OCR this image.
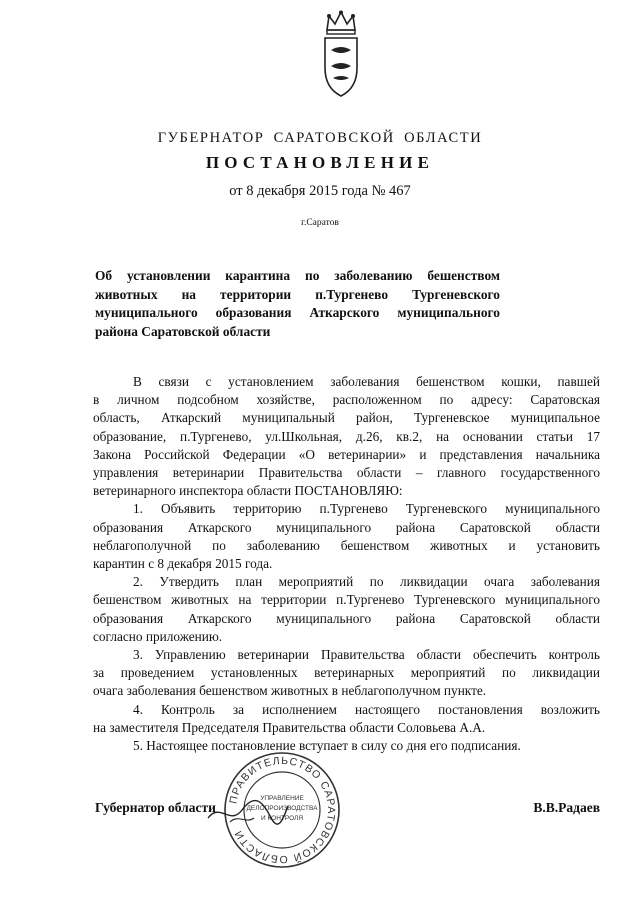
ГУБЕРНАТОР САРАТОВСКОЙ ОБЛАСТИ
ПОСТАНОВЛЕНИЕ
от 8 декабря 2015 года № 467
г.Саратов
Об установлении карантина по заболеванию бешенством
животных на территории п.Тургенево Тургеневского
муниципального образования Аткарского муниципального
района Саратовской области
В связи с установлением заболевания бешенством кошки, павшей
в личном подсобном хозяйстве, расположенном по адресу: Саратовская
область, Аткарский муниципальный район, Тургеневское муниципальное
образование, п.Тургенево, ул.Школьная, д.26, кв.2, на основании статьи 17
Закона Российской Федерации «О ветеринарии» и представления начальника
управления ветеринарии Правительства области – главного государственного
ветеринарного инспектора области ПОСТАНОВЛЯЮ:
1. Объявить территорию п.Тургенево Тургеневского муниципального
образования Аткарского муниципального района Саратовской области
неблагополучной по заболеванию бешенством животных и установить
карантин с 8 декабря 2015 года.
2. Утвердить план мероприятий по ликвидации очага заболевания
бешенством животных на территории п.Тургенево Тургеневского муниципального
образования Аткарского муниципального района Саратовской области
согласно приложению.
3. Управлению ветеринарии Правительства области обеспечить контроль
за проведением установленных ветеринарных мероприятий по ликвидации
очага заболевания бешенством животных в неблагополучном пункте.
4. Контроль за исполнением настоящего постановления возложить
на заместителя Председателя Правительства области Соловьева А.А.
5. Настоящее постановление вступает в силу со дня его подписания.
ПРАВИТЕЛЬСТВО САРАТОВСКОЙ ОБЛАСТИ
УПРАВЛЕНИЕ
ДЕЛОПРОИЗВОДСТВА
И КОНТРОЛЯ
Губернатор области	В.В.Радаев
